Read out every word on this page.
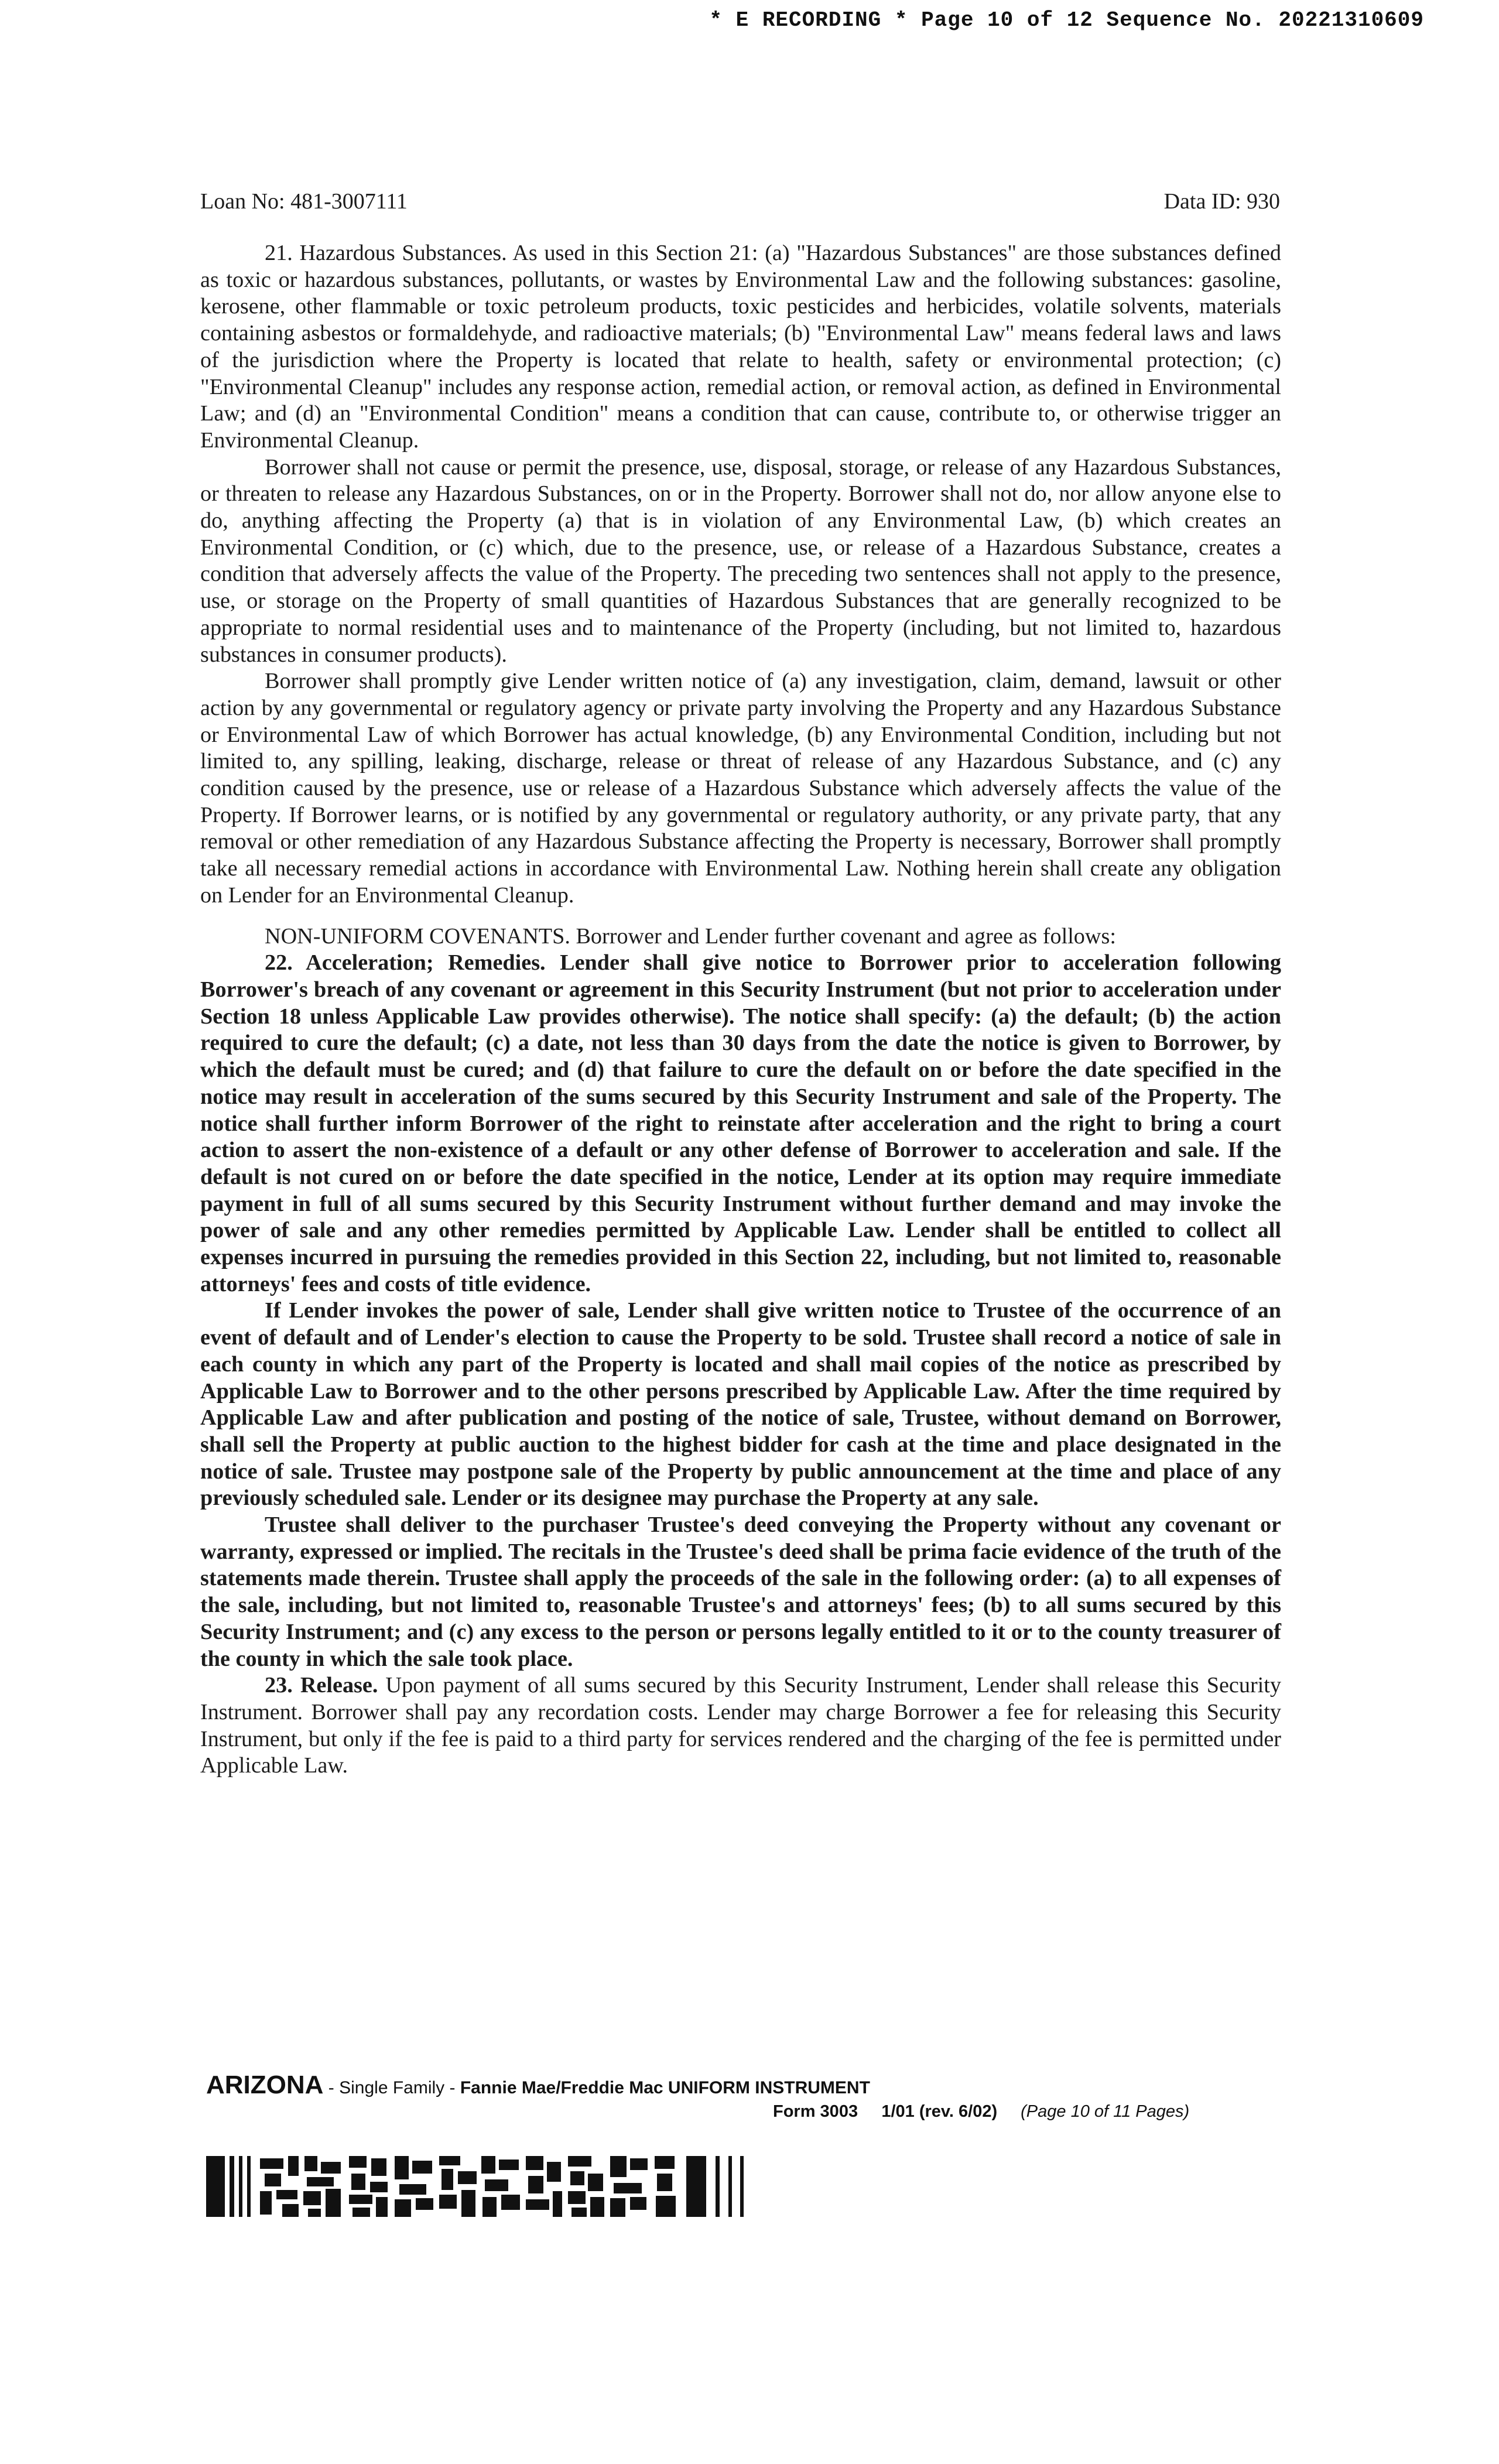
* E RECORDING * Page 10 of 12 Sequence No. 20221310609
Loan No: 481-3007111	Data ID: 930

21. Hazardous Substances. As used in this Section 21: (a) "Hazardous Substances" are those substances defined as toxic or hazardous substances, pollutants, or wastes by Environmental Law and the following substances: gasoline, kerosene, other flammable or toxic petroleum products, toxic pesticides and herbicides, volatile solvents, materials containing asbestos or formaldehyde, and radioactive materials; (b) "Environmental Law" means federal laws and laws of the jurisdiction where the Property is located that relate to health, safety or environmental protection; (c) "Environmental Cleanup" includes any response action, remedial action, or removal action, as defined in Environmental Law; and (d) an "Environmental Condition" means a condition that can cause, contribute to, or otherwise trigger an Environmental Cleanup.

Borrower shall not cause or permit the presence, use, disposal, storage, or release of any Hazardous Substances, or threaten to release any Hazardous Substances, on or in the Property. Borrower shall not do, nor allow anyone else to do, anything affecting the Property (a) that is in violation of any Environmental Law, (b) which creates an Environmental Condition, or (c) which, due to the presence, use, or release of a Hazardous Substance, creates a condition that adversely affects the value of the Property. The preceding two sentences shall not apply to the presence, use, or storage on the Property of small quantities of Hazardous Substances that are generally recognized to be appropriate to normal residential uses and to maintenance of the Property (including, but not limited to, hazardous substances in consumer products).

Borrower shall promptly give Lender written notice of (a) any investigation, claim, demand, lawsuit or other action by any governmental or regulatory agency or private party involving the Property and any Hazardous Substance or Environmental Law of which Borrower has actual knowledge, (b) any Environmental Condition, including but not limited to, any spilling, leaking, discharge, release or threat of release of any Hazardous Substance, and (c) any condition caused by the presence, use or release of a Hazardous Substance which adversely affects the value of the Property. If Borrower learns, or is notified by any governmental or regulatory authority, or any private party, that any removal or other remediation of any Hazardous Substance affecting the Property is necessary, Borrower shall promptly take all necessary remedial actions in accordance with Environmental Law. Nothing herein shall create any obligation on Lender for an Environmental Cleanup.

NON-UNIFORM COVENANTS. Borrower and Lender further covenant and agree as follows:

22. Acceleration; Remedies. Lender shall give notice to Borrower prior to acceleration following Borrower's breach of any covenant or agreement in this Security Instrument (but not prior to acceleration under Section 18 unless Applicable Law provides otherwise). The notice shall specify: (a) the default; (b) the action required to cure the default; (c) a date, not less than 30 days from the date the notice is given to Borrower, by which the default must be cured; and (d) that failure to cure the default on or before the date specified in the notice may result in acceleration of the sums secured by this Security Instrument and sale of the Property. The notice shall further inform Borrower of the right to reinstate after acceleration and the right to bring a court action to assert the non-existence of a default or any other defense of Borrower to acceleration and sale. If the default is not cured on or before the date specified in the notice, Lender at its option may require immediate payment in full of all sums secured by this Security Instrument without further demand and may invoke the power of sale and any other remedies permitted by Applicable Law. Lender shall be entitled to collect all expenses incurred in pursuing the remedies provided in this Section 22, including, but not limited to, reasonable attorneys' fees and costs of title evidence.

If Lender invokes the power of sale, Lender shall give written notice to Trustee of the occurrence of an event of default and of Lender's election to cause the Property to be sold. Trustee shall record a notice of sale in each county in which any part of the Property is located and shall mail copies of the notice as prescribed by Applicable Law to Borrower and to the other persons prescribed by Applicable Law. After the time required by Applicable Law and after publication and posting of the notice of sale, Trustee, without demand on Borrower, shall sell the Property at public auction to the highest bidder for cash at the time and place designated in the notice of sale. Trustee may postpone sale of the Property by public announcement at the time and place of any previously scheduled sale. Lender or its designee may purchase the Property at any sale.

Trustee shall deliver to the purchaser Trustee's deed conveying the Property without any covenant or warranty, expressed or implied. The recitals in the Trustee's deed shall be prima facie evidence of the truth of the statements made therein. Trustee shall apply the proceeds of the sale in the following order: (a) to all expenses of the sale, including, but not limited to, reasonable Trustee's and attorneys' fees; (b) to all sums secured by this Security Instrument; and (c) any excess to the person or persons legally entitled to it or to the county treasurer of the county in which the sale took place.

23. Release. Upon payment of all sums secured by this Security Instrument, Lender shall release this Security Instrument. Borrower shall pay any recordation costs. Lender may charge Borrower a fee for releasing this Security Instrument, but only if the fee is paid to a third party for services rendered and the charging of the fee is permitted under Applicable Law.

ARIZONA - Single Family - Fannie Mae/Freddie Mac UNIFORM INSTRUMENT
Form 3003     1/01 (rev. 6/02) (Page 10 of 11 Pages)
